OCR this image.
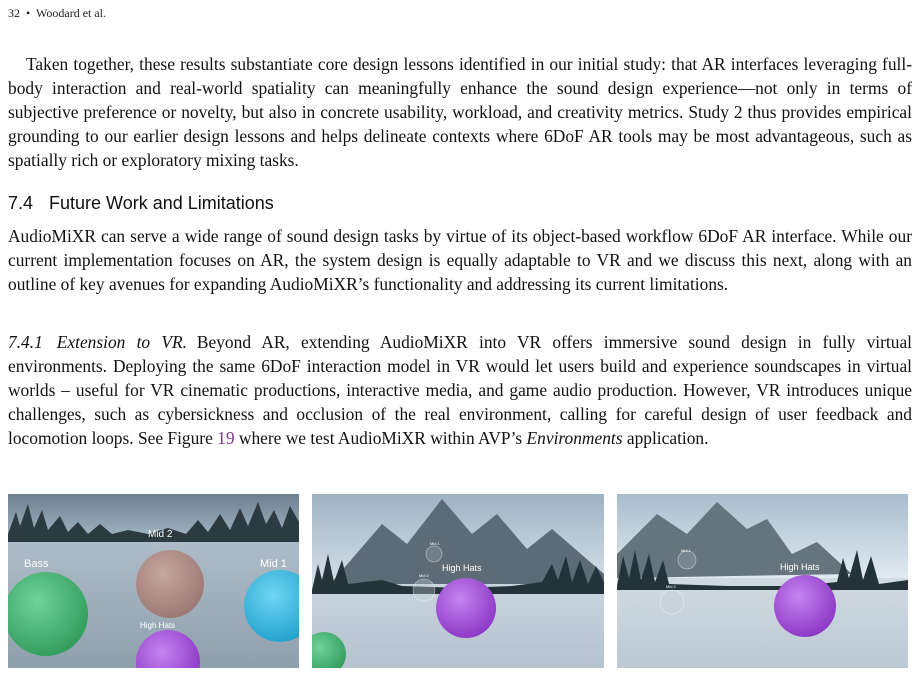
32 • Woodard et al.

Taken together, these results substantiate core design lessons identified in our initial study: that AR interfaces leveraging full-body interaction and real-world spatiality can meaningfully enhance the sound design experience—not only in terms of subjective preference or novelty, but also in concrete usability, workload, and creativity metrics. Study 2 thus provides empirical grounding to our earlier design lessons and helps delineate contexts where 6DoF AR tools may be most advantageous, such as spatially rich or exploratory mixing tasks.

7.4 Future Work and Limitations

AudioMiXR can serve a wide range of sound design tasks by virtue of its object-based workflow 6DoF AR interface. While our current implementation focuses on AR, the system design is equally adaptable to VR and we discuss this next, along with an outline of key avenues for expanding AudioMiXR’s functionality and addressing its current limitations.

7.4.1 Extension to VR. Beyond AR, extending AudioMiXR into VR offers immersive sound design in fully virtual environments. Deploying the same 6DoF interaction model in VR would let users build and experience soundscapes in virtual worlds – useful for VR cinematic productions, interactive media, and game audio production. However, VR introduces unique challenges, such as cybersickness and occlusion of the real environment, calling for careful design of user feedback and locomotion loops. See Figure 19 where we test AudioMiXR within AVP’s Environments application.

Mid 2
Bass	Mid 1
High Hats
High Hats
Mid 1
Mid 2
High Hats
Mid 1
Mid 2
